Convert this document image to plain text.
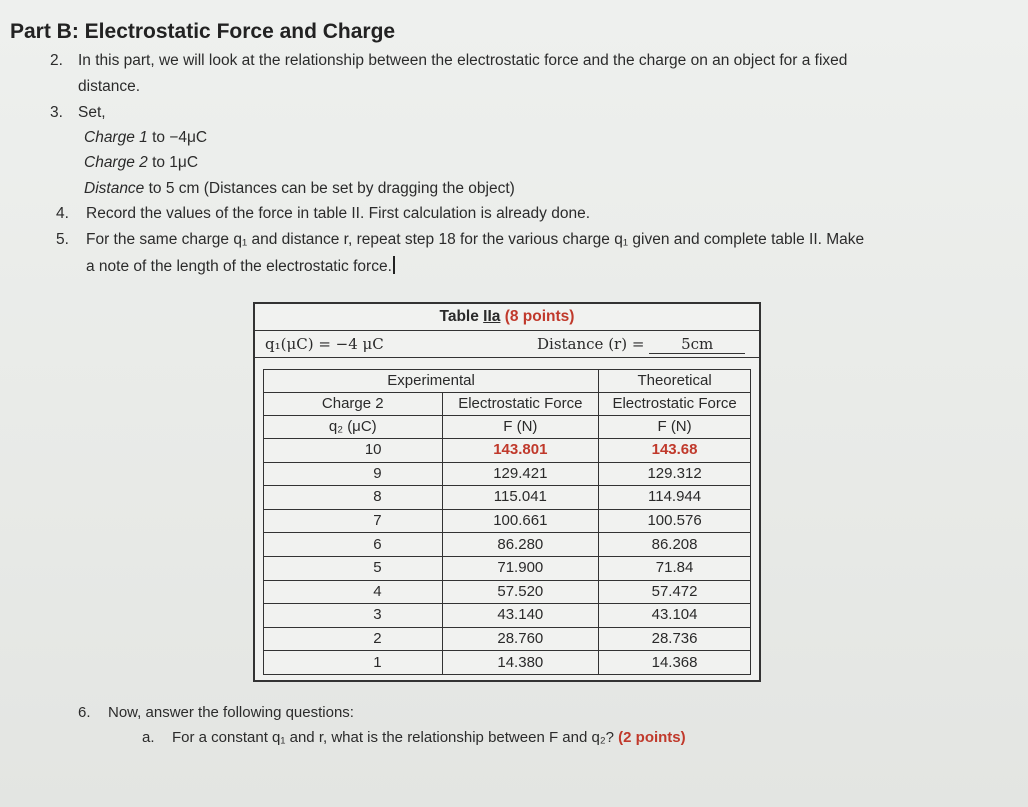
Part B: Electrostatic Force and Charge
2. In this part, we will look at the relationship between the electrostatic force and the charge on an object for a fixed
distance.
3. Set,
Charge 1 to −4μC
Charge 2 to 1μC
Distance to 5 cm (Distances can be set by dragging the object)
4. Record the values of the force in table II. First calculation is already done.
5. For the same charge q₁ and distance r, repeat step 18 for the various charge q₁ given and complete table II. Make
a note of the length of the electrostatic force.
Table IIa (8 points)
q₁(μC) = −4 μC	Distance (r) = 5cm
Experimental		Theoretical
Charge 2	Electrostatic Force	Electrostatic Force
q₂ (μC)	F (N)	F (N)
10	143.801	143.68
9	129.421	129.312
8	115.041	114.944
7	100.661	100.576
6	86.280	86.208
5	71.900	71.84
4	57.520	57.472
3	43.140	43.104
2	28.760	28.736
1	14.380	14.368
6. Now, answer the following questions:
a. For a constant q₁ and r, what is the relationship between F and q₂? (2 points)
